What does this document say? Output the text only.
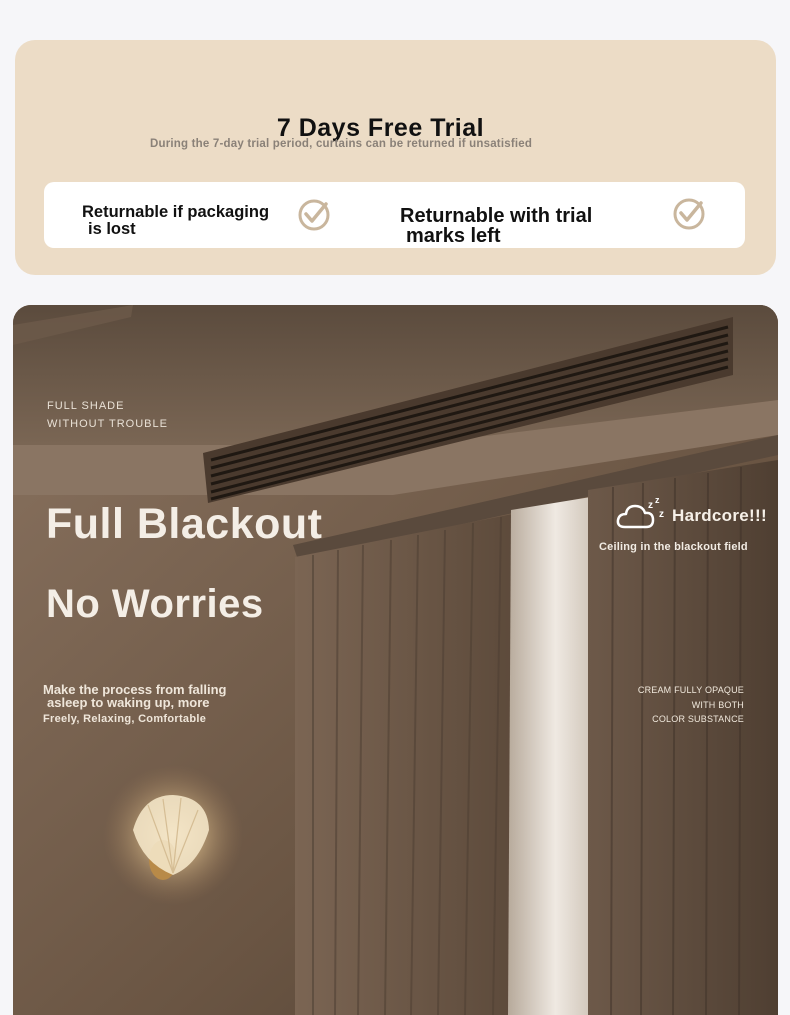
7 Days Free Trial
During the 7-day trial period, curtains can be returned if unsatisfied
Returnable if packaging
is lost
Returnable with trial
marks left
FULL SHADE
WITHOUT TROUBLE
Full Blackout
No Worries
Make the process from falling
asleep to waking up, more
Freely, Relaxing, Comfortable
z z
z Hardcore!!!
Ceiling in the blackout field
CREAM FULLY OPAQUE
WITH BOTH
COLOR SUBSTANCE
